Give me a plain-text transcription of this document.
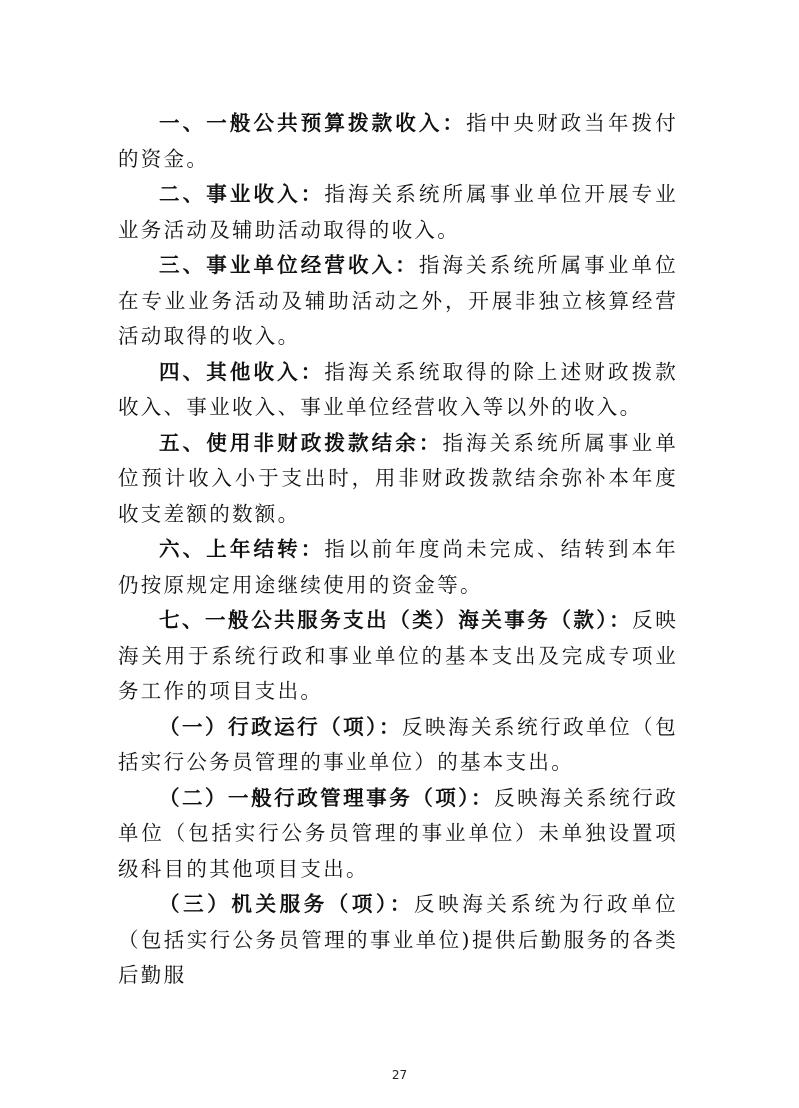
一、一般公共预算拨款收入：指中央财政当年拨付的资金。

二、事业收入：指海关系统所属事业单位开展专业业务活动及辅助活动取得的收入。

三、事业单位经营收入：指海关系统所属事业单位在专业业务活动及辅助活动之外，开展非独立核算经营活动取得的收入。

四、其他收入：指海关系统取得的除上述财政拨款收入、事业收入、事业单位经营收入等以外的收入。

五、使用非财政拨款结余：指海关系统所属事业单位预计收入小于支出时，用非财政拨款结余弥补本年度收支差额的数额。

六、上年结转：指以前年度尚未完成、结转到本年仍按原规定用途继续使用的资金等。

七、一般公共服务支出（类）海关事务（款）：反映海关用于系统行政和事业单位的基本支出及完成专项业务工作的项目支出。

（一）行政运行（项）：反映海关系统行政单位（包括实行公务员管理的事业单位）的基本支出。

（二）一般行政管理事务（项）：反映海关系统行政单位（包括实行公务员管理的事业单位）未单独设置项级科目的其他项目支出。

（三）机关服务（项）：反映海关系统为行政单位（包括实行公务员管理的事业单位)提供后勤服务的各类后勤服

27
